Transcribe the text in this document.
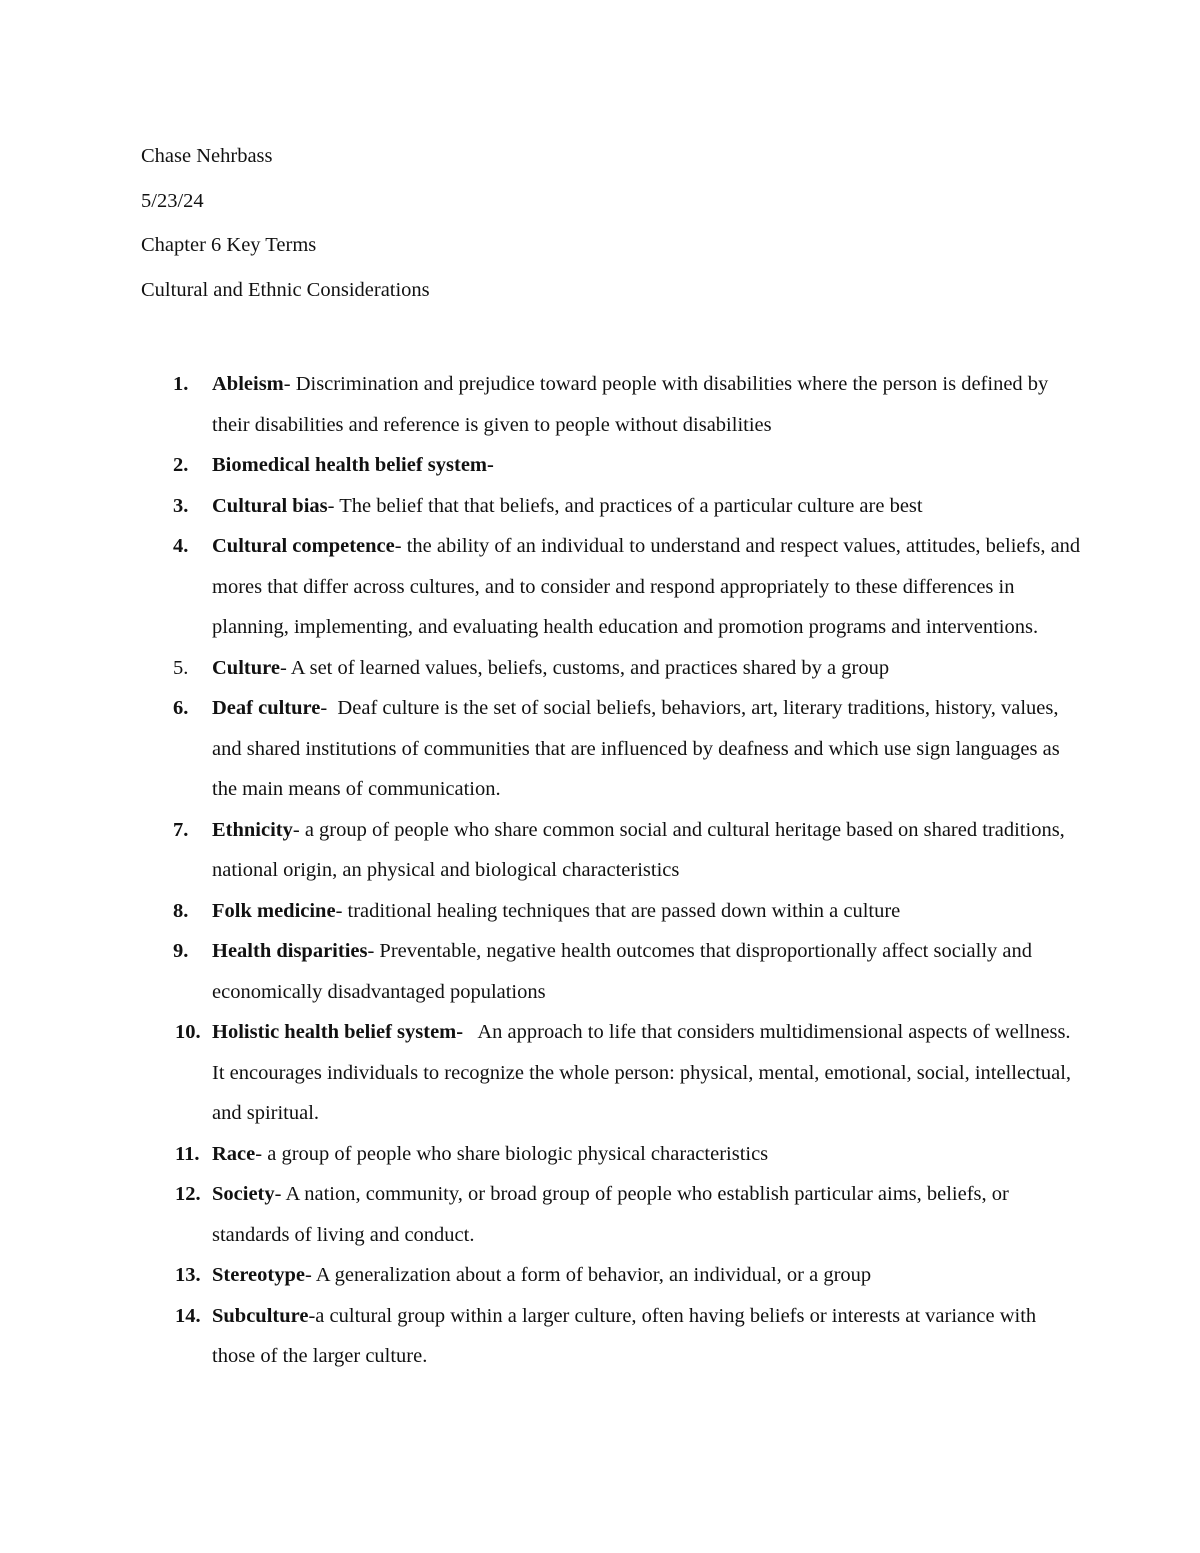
Chase Nehrbass
5/23/24
Chapter 6 Key Terms
Cultural and Ethnic Considerations
1. Ableism- Discrimination and prejudice toward people with disabilities where the person is defined by their disabilities and reference is given to people without disabilities
2. Biomedical health belief system-
3. Cultural bias- The belief that that beliefs, and practices of a particular culture are best
4. Cultural competence- the ability of an individual to understand and respect values, attitudes, beliefs, and mores that differ across cultures, and to consider and respond appropriately to these differences in planning, implementing, and evaluating health education and promotion programs and interventions.
5. Culture- A set of learned values, beliefs, customs, and practices shared by a group
6. Deaf culture-  Deaf culture is the set of social beliefs, behaviors, art, literary traditions, history, values, and shared institutions of communities that are influenced by deafness and which use sign languages as the main means of communication.
7. Ethnicity- a group of people who share common social and cultural heritage based on shared traditions, national origin, an physical and biological characteristics
8. Folk medicine- traditional healing techniques that are passed down within a culture
9. Health disparities- Preventable, negative health outcomes that disproportionally affect socially and economically disadvantaged populations
10. Holistic health belief system-   An approach to life that considers multidimensional aspects of wellness. It encourages individuals to recognize the whole person: physical, mental, emotional, social, intellectual, and spiritual.
11. Race- a group of people who share biologic physical characteristics
12. Society- A nation, community, or broad group of people who establish particular aims, beliefs, or standards of living and conduct.
13. Stereotype- A generalization about a form of behavior, an individual, or a group
14. Subculture-a cultural group within a larger culture, often having beliefs or interests at variance with those of the larger culture.
